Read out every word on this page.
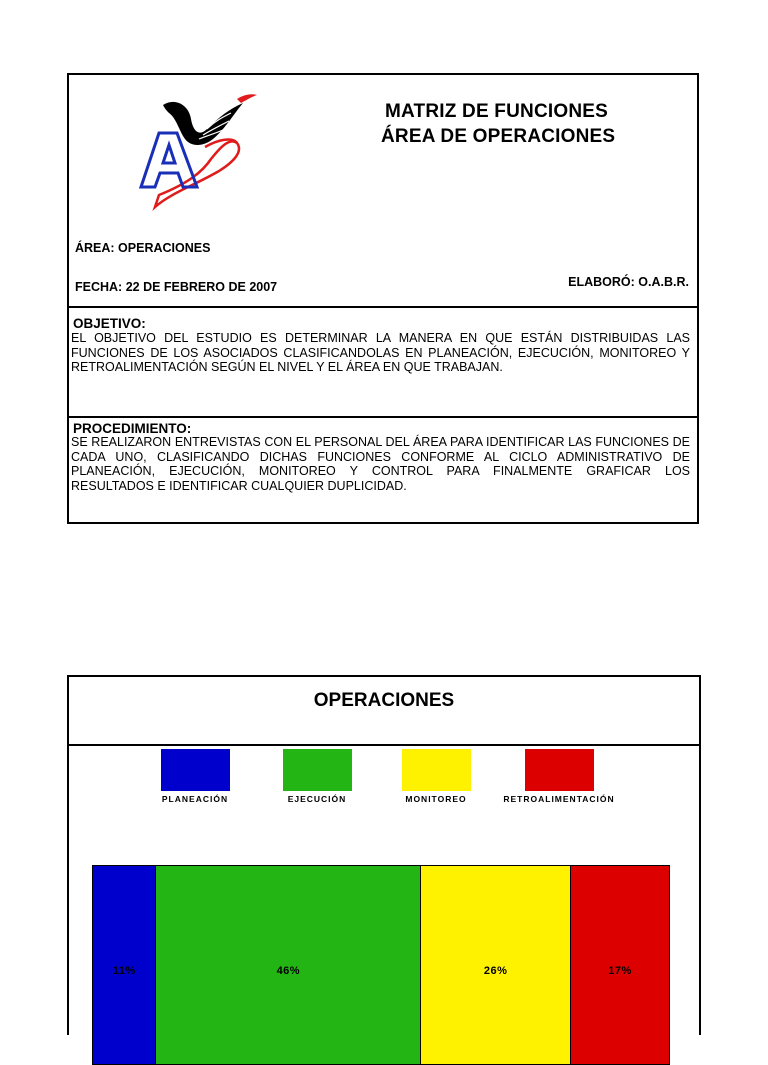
MATRIZ DE FUNCIONES
ÁREA DE OPERACIONES
ÁREA: OPERACIONES
FECHA: 22 DE FEBRERO DE 2007	ELABORÓ: O.A.B.R.
OBJETIVO:
EL OBJETIVO DEL ESTUDIO ES DETERMINAR LA MANERA EN QUE ESTÁN DISTRIBUIDAS LAS FUNCIONES DE LOS ASOCIADOS CLASIFICANDOLAS EN PLANEACIÓN, EJECUCIÓN, MONITOREO Y RETROALIMENTACIÓN SEGÚN EL NIVEL Y EL ÁREA EN QUE TRABAJAN.
PROCEDIMIENTO:
SE REALIZARON ENTREVISTAS CON EL PERSONAL DEL ÁREA PARA IDENTIFICAR LAS FUNCIONES DE CADA UNO, CLASIFICANDO DICHAS FUNCIONES CONFORME AL CICLO ADMINISTRATIVO DE PLANEACIÓN, EJECUCIÓN, MONITOREO Y CONTROL PARA FINALMENTE GRAFICAR LOS RESULTADOS E IDENTIFICAR CUALQUIER DUPLICIDAD.
OPERACIONES
PLANEACIÓN	EJECUCIÓN	MONITOREO	RETROALIMENTACIÓN
11%	46%	26%	17%
